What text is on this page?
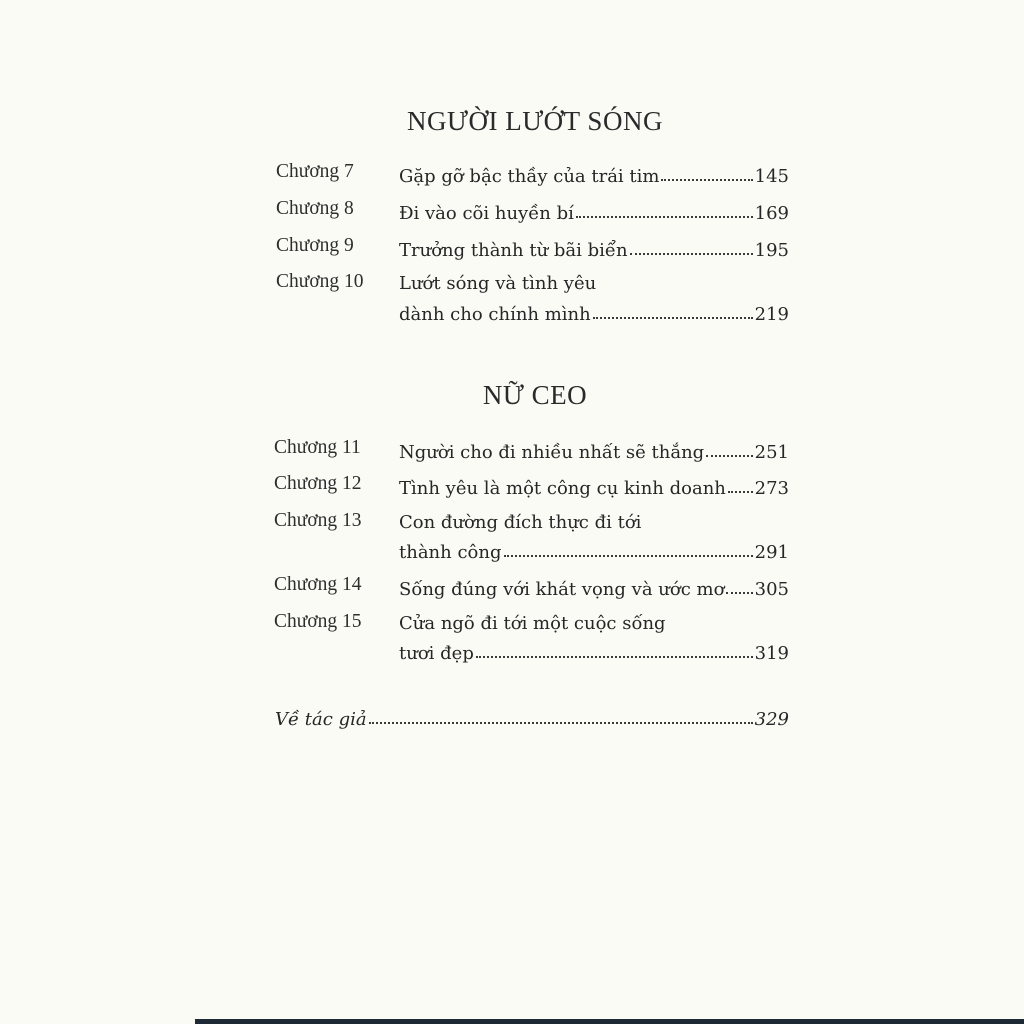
NGƯỜI LƯỚT SÓNG
Chương 7	Gặp gỡ bậc thầy của trái tim	145
Chương 8	Đi vào cõi huyền bí	169
Chương 9	Trưởng thành từ bãi biển	195
Chương 10 Lướt sóng và tình yêu
dành cho chính mình	219
NỮ CEO
Chương 11 Người cho đi nhiều nhất sẽ thắng	251
Chương 12 Tình yêu là một công cụ kinh doanh 273
Chương 13 Con đường đích thực đi tới
thành công	291
Chương 14 Sống đúng với khát vọng và ước mơ 305
Chương 15 Cửa ngõ đi tới một cuộc sống
tươi đẹp	319
Về tác giả	329
